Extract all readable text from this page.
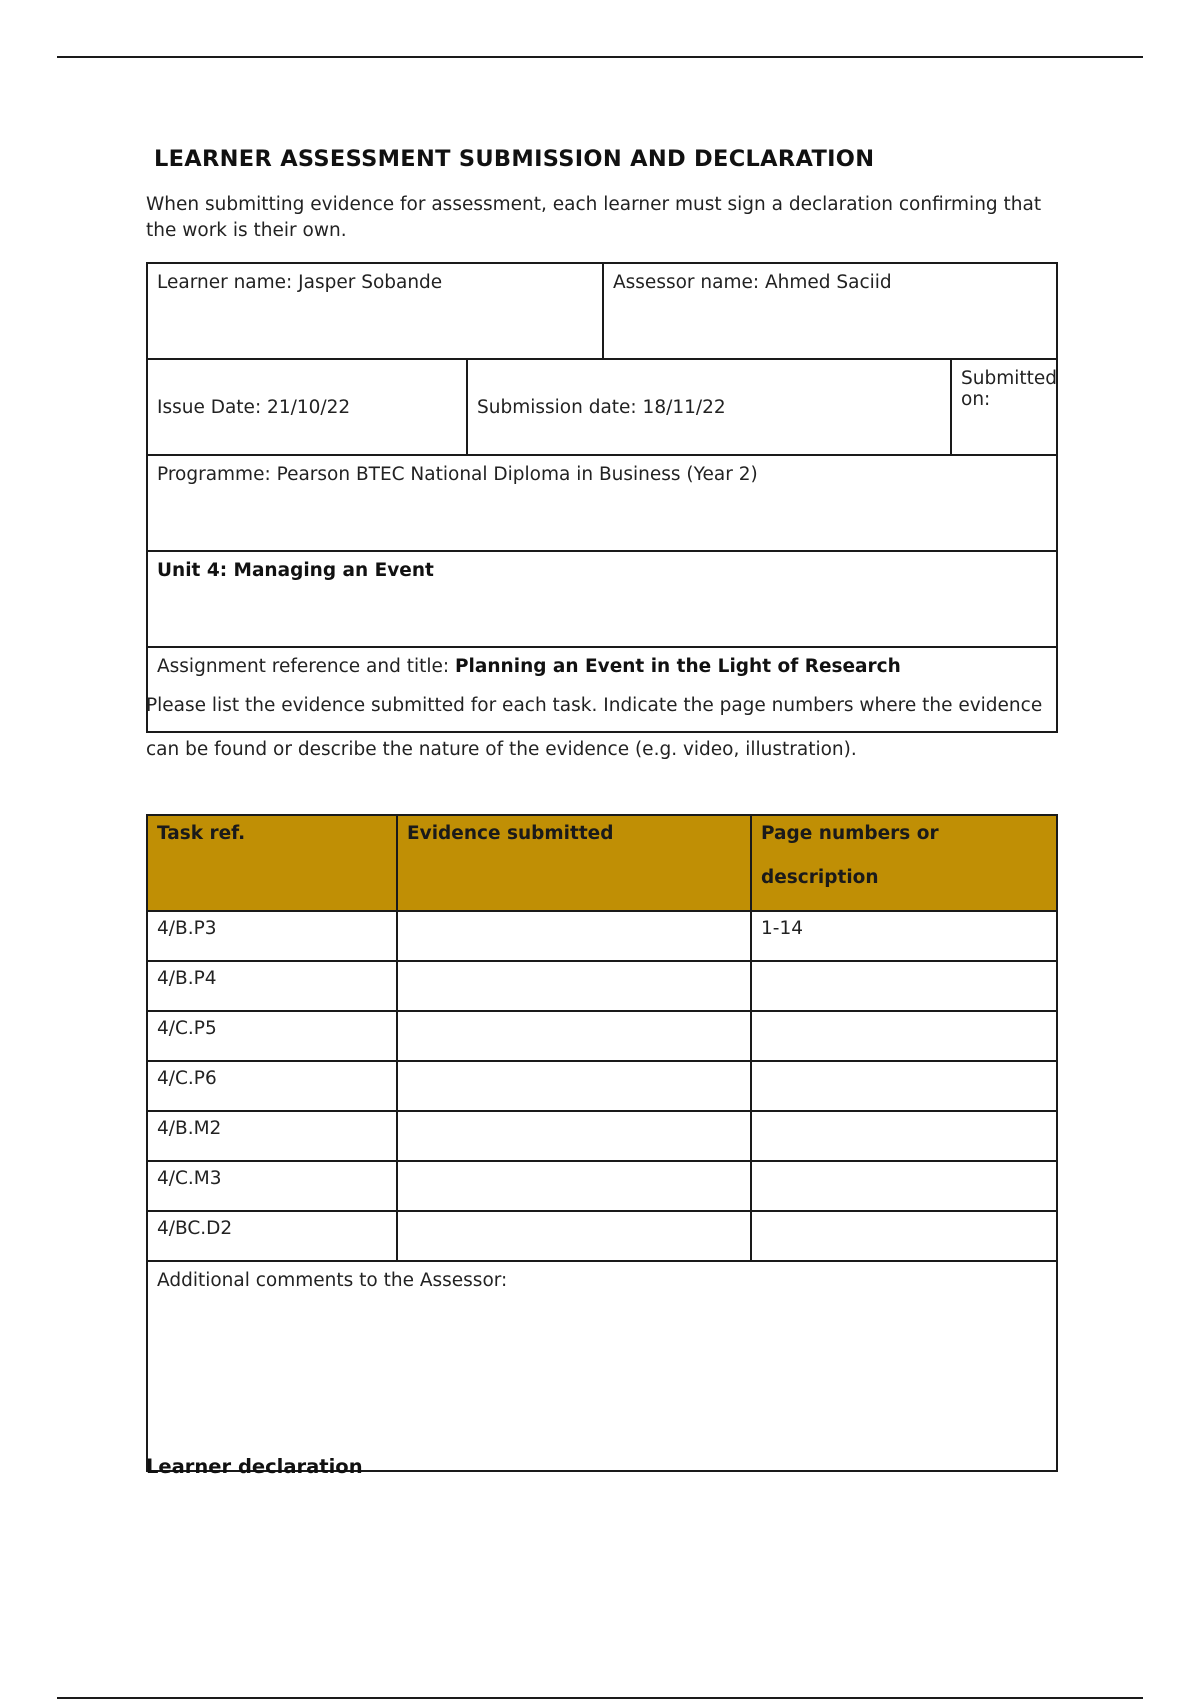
LEARNER ASSESSMENT SUBMISSION AND DECLARATION
When submitting evidence for assessment, each learner must sign a declaration confirming that the work is their own.
Learner name: Jasper Sobande		Assessor name: Ahmed Saciid	
Issue Date: 21/10/22	Submission date: 18/11/22		Submitted on:
Programme: Pearson BTEC National Diploma in Business (Year 2)			
Unit 4: Managing an Event			
Assignment reference and title: Planning an Event in the Light of Research			
Please list the evidence submitted for each task. Indicate the page numbers where the evidence can be found or describe the nature of the evidence (e.g. video, illustration).
Task ref.	Evidence submitted	Page numbers or
description

4/B.P3		1-14
4/B.P4		
4/C.P5		
4/C.P6		
4/B.M2		
4/C.M3		
4/BC.D2		
Additional comments to the Assessor:		
Learner declaration
